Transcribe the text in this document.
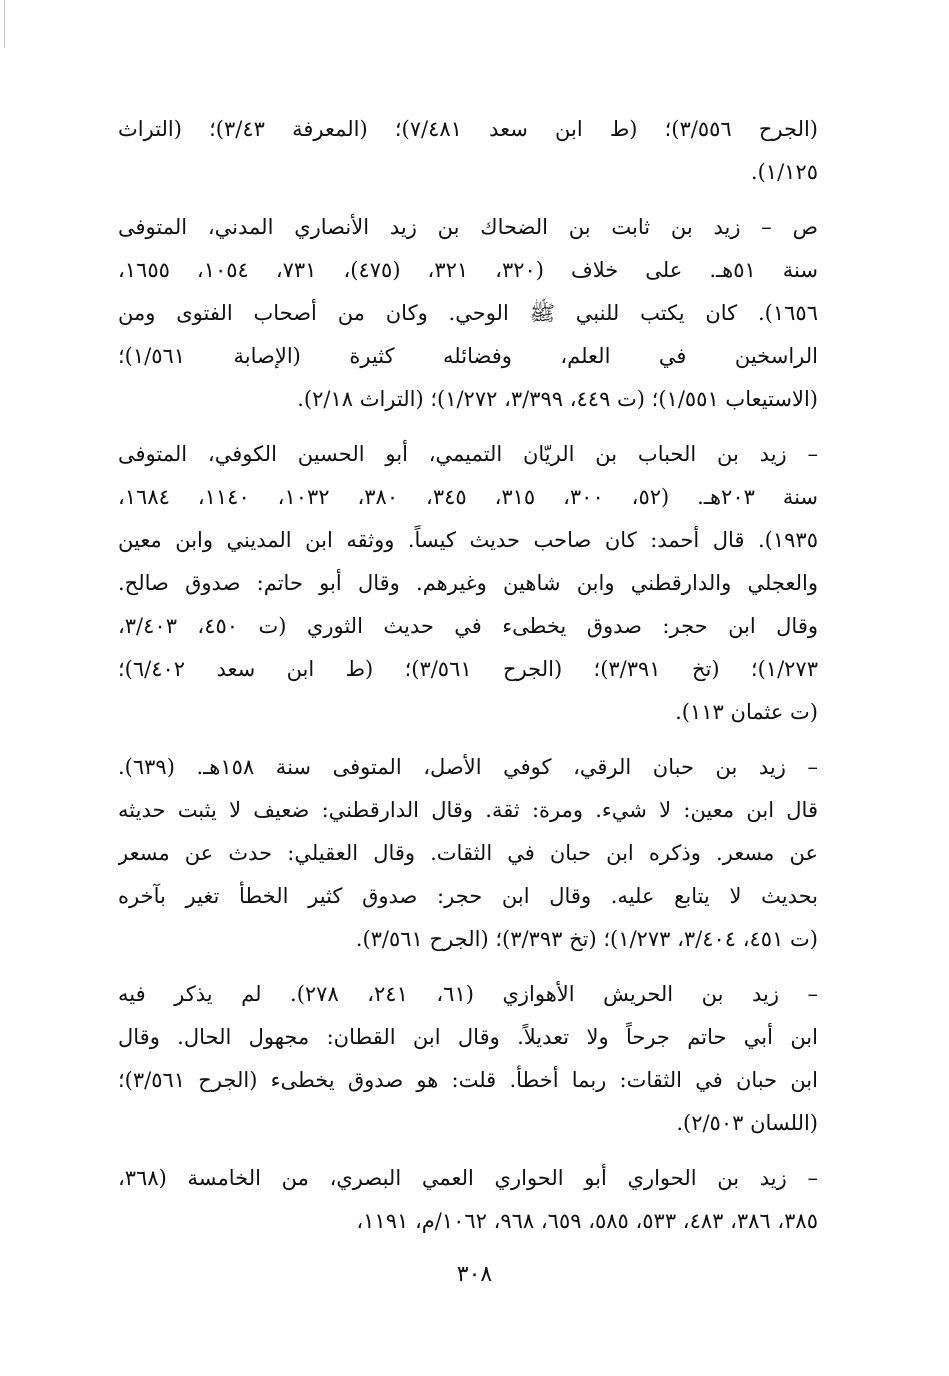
(الجرح ٣/٥٥٦)؛ (ط ابن سعد ٧/٤٨١)؛ (المعرفة ٣/٤٣)؛ (التراث
١/١٢٥).
ص – زيد بن ثابت بن الضحاك بن زيد الأنصاري المدني، المتوفى
سنة ٥١هـ. على خلاف (٣٢٠، ٣٢١، (٤٧٥)، ٧٣١، ١٠٥٤، ١٦٥٥،
١٦٥٦). كان يكتب للنبي ﷺ الوحي. وكان من أصحاب الفتوى ومن
الراسخين في العلم، وفضائله كثيرة (الإصابة ١/٥٦١)؛
(الاستيعاب ١/٥٥١)؛ (ت ٤٤٩، ٣/٣٩٩، ١/٢٧٢)؛ (التراث ٢/١٨).
– زيد بن الحباب بن الريّان التميمي، أبو الحسين الكوفي، المتوفى
سنة ٢٠٣هـ. (٥٢، ٣٠٠، ٣١٥، ٣٤٥، ٣٨٠، ١٠٣٢، ١١٤٠، ١٦٨٤،
١٩٣٥). قال أحمد: كان صاحب حديث كيساً. ووثقه ابن المديني وابن معين
والعجلي والدارقطني وابن شاهين وغيرهم. وقال أبو حاتم: صدوق صالح.
وقال ابن حجر: صدوق يخطىء في حديث الثوري (ت ٤٥٠، ٣/٤٠٣،
١/٢٧٣)؛ (تخ ٣/٣٩١)؛ (الجرح ٣/٥٦١)؛ (ط ابن سعد ٦/٤٠٢)؛
(ت عثمان ١١٣).
– زيد بن حبان الرقي، كوفي الأصل، المتوفى سنة ١٥٨هـ. (٦٣٩).
قال ابن معين: لا شيء. ومرة: ثقة. وقال الدارقطني: ضعيف لا يثبت حديثه
عن مسعر. وذكره ابن حبان في الثقات. وقال العقيلي: حدث عن مسعر
بحديث لا يتابع عليه. وقال ابن حجر: صدوق كثير الخطأ تغير بآخره
(ت ٤٥١، ٣/٤٠٤، ١/٢٧٣)؛ (تخ ٣/٣٩٣)؛ (الجرح ٣/٥٦١).
– زيد بن الحريش الأهوازي (٦١، ٢٤١، ٢٧٨). لم يذكر فيه
ابن أبي حاتم جرحاً ولا تعديلاً. وقال ابن القطان: مجهول الحال. وقال
ابن حبان في الثقات: ربما أخطأ. قلت: هو صدوق يخطىء (الجرح ٣/٥٦١)؛
(اللسان ٢/٥٠٣).
– زيد بن الحواري أبو الحواري العمي البصري، من الخامسة (٣٦٨،
٣٨٥، ٣٨٦، ٤٨٣، ٥٣٣، ٥٨٥، ٦٥٩، ٩٦٨، ١٠٦٢/م، ١١٩١،
٣٠٨
